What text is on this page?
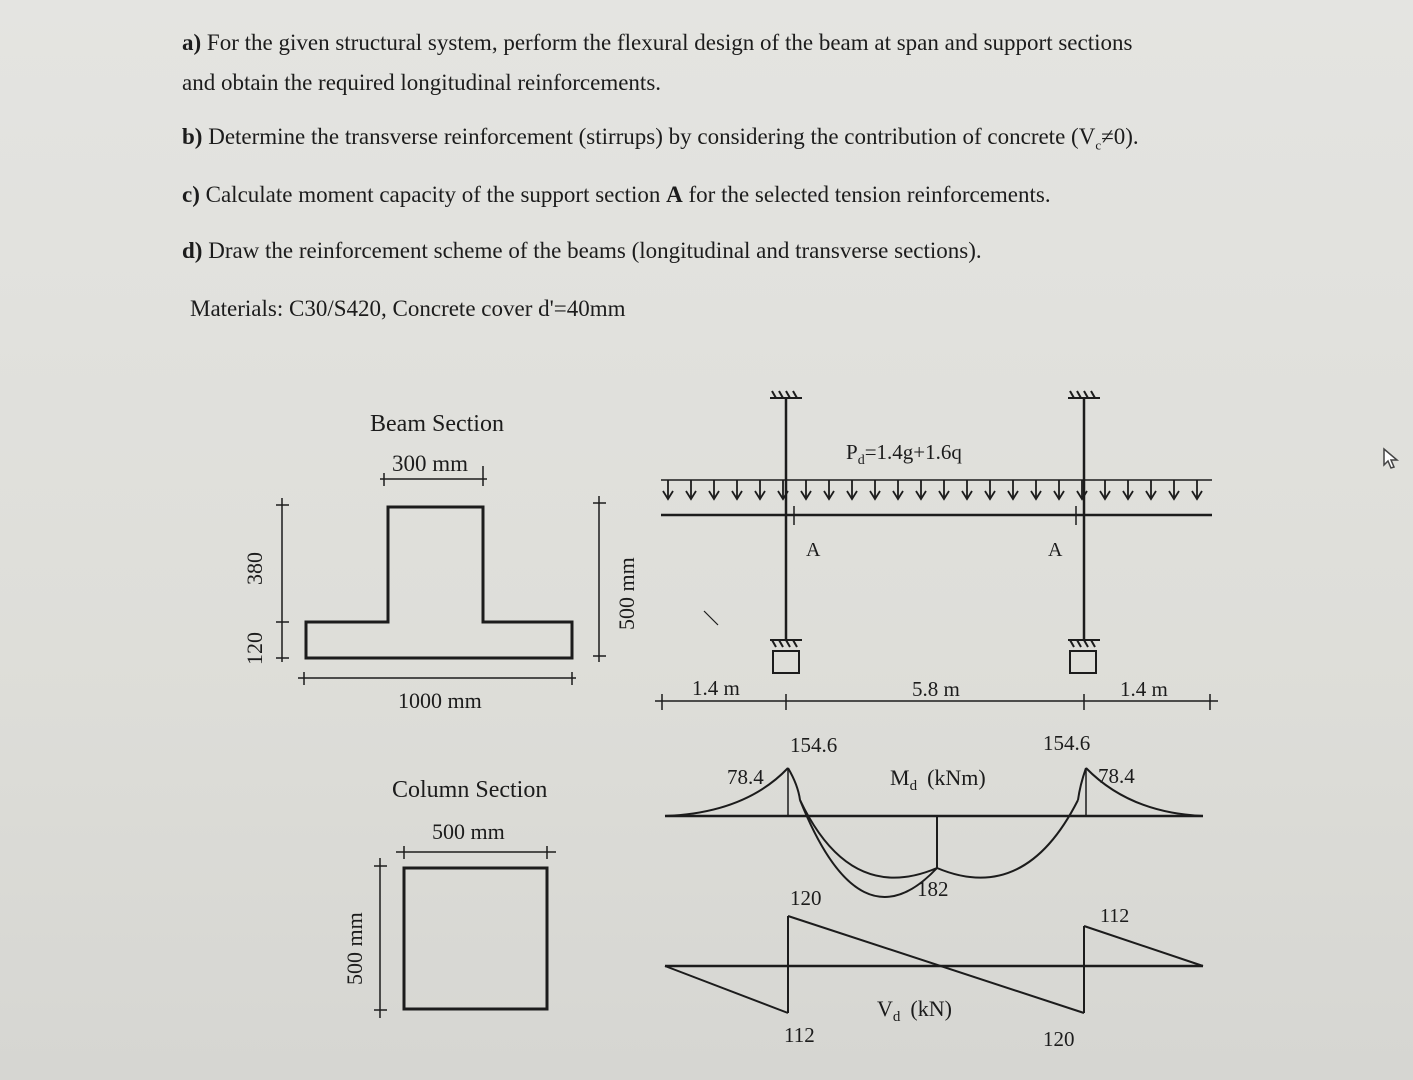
a) For the given structural system, perform the flexural design of the beam at span and support sections
and obtain the required longitudinal reinforcements.
b) Determine the transverse reinforcement (stirrups) by considering the contribution of concrete $(V_c\ne 0)$.
c) Calculate moment capacity of the support section A for the selected tension reinforcements.
d) Draw the reinforcement scheme of the beams (longitudinal and transverse sections).
Materials: C30/S420, Concrete cover d'=40mm
Beam Section
300 mm
1000 mm
380
120
500 mm
Column Section
500 mm
500 mm
$P_d=1.4g+1.6q$
A	A
1.4 m	5.8 m	1.4 m
154.6	154.6
78.4	78.4
$M_d$ (kNm)
182
120
112
$V_d$ (kN)
112	120
